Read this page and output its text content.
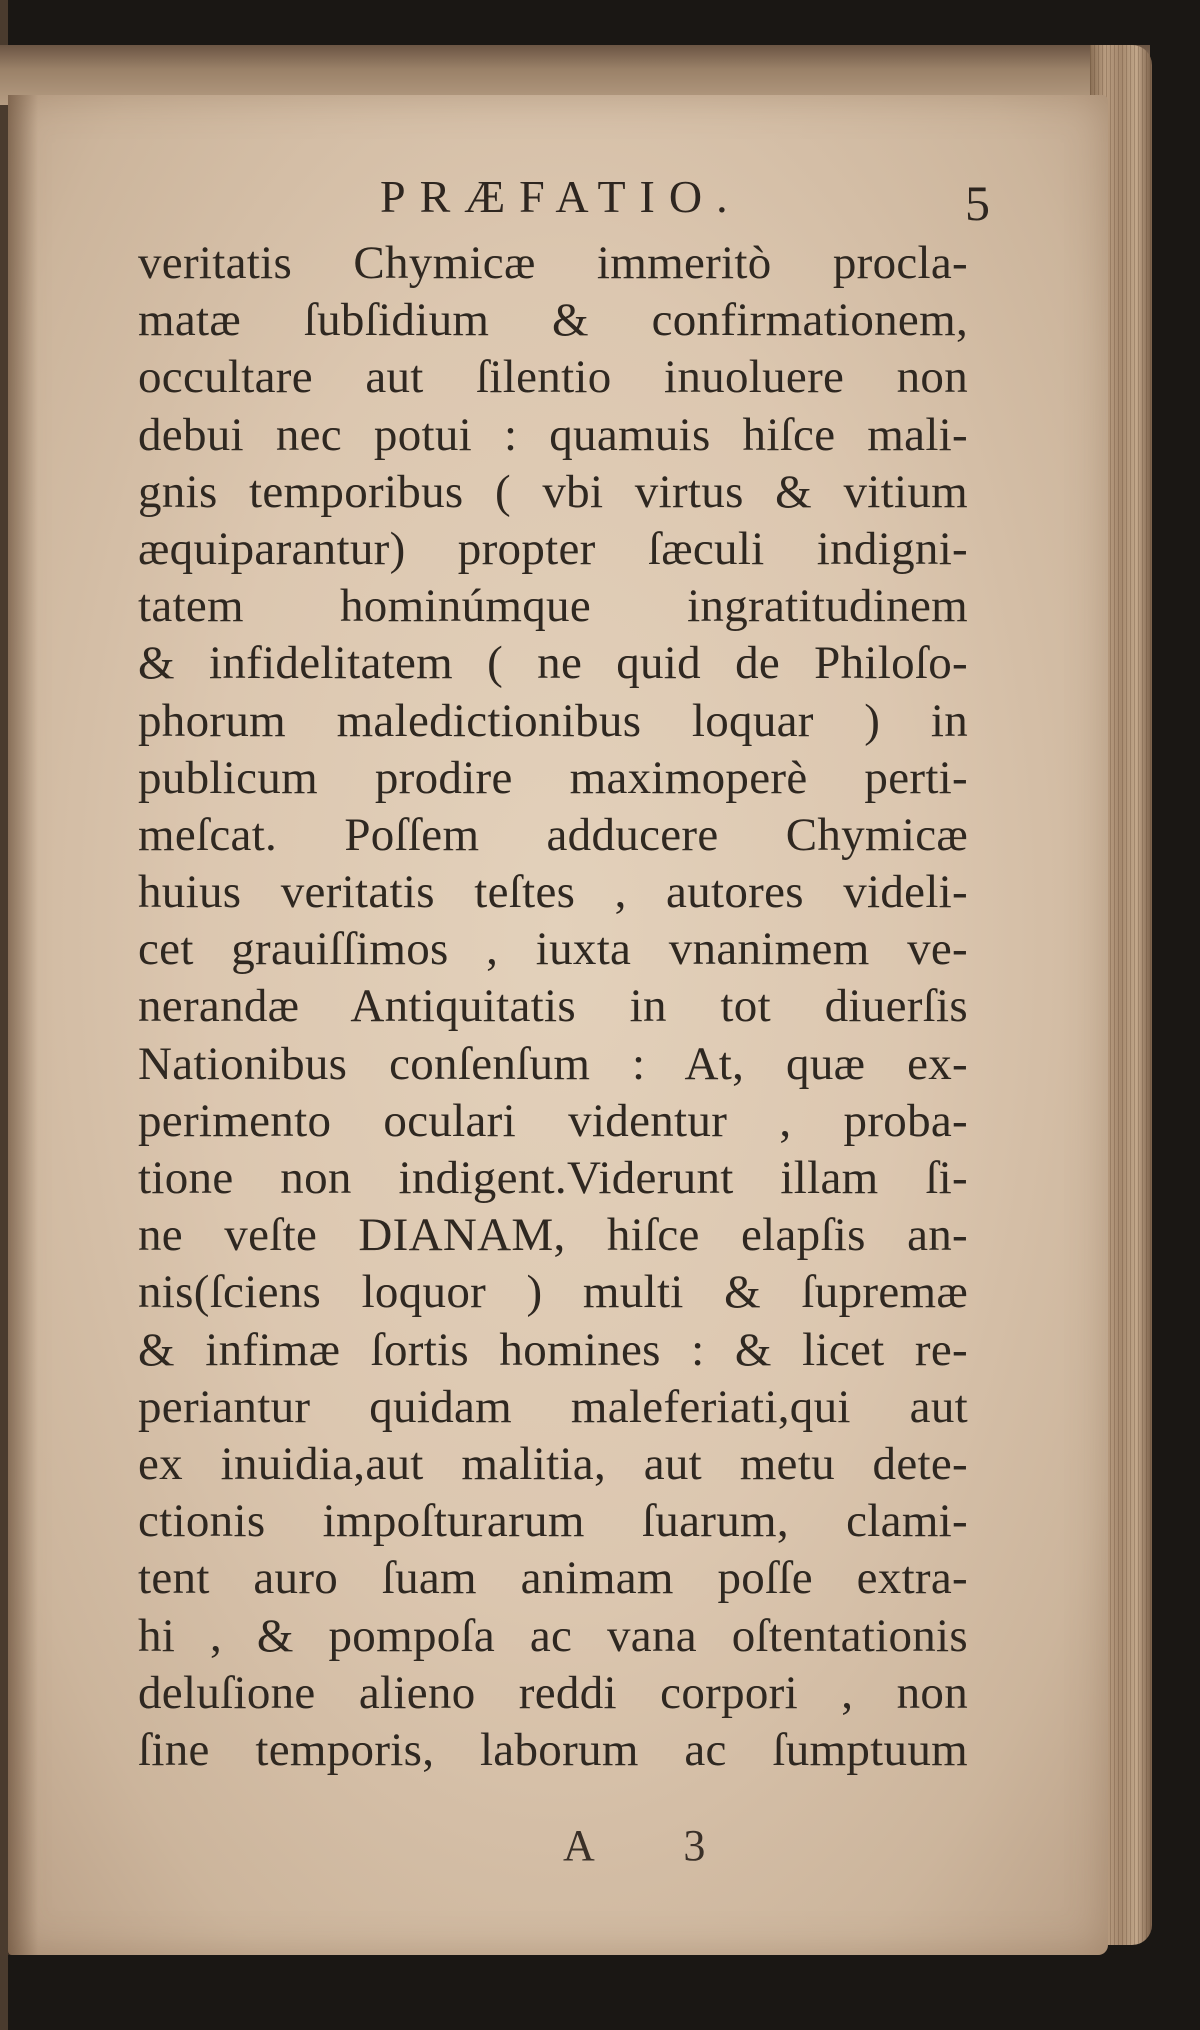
PRÆFATIO.	5
veritatis Chymicæ immeritò procla-
matæ ſubſidium & confirmationem,
occultare aut ſilentio inuoluere non
debui nec potui : quamuis hiſce mali-
gnis temporibus ( vbi virtus & vitium
æquiparantur) propter ſæculi indigni-
tatem hominúmque ingratitudinem
& infidelitatem ( ne quid de Philoſo-
phorum maledictionibus loquar ) in
publicum prodire maximoperè perti-
meſcat. Poſſem adducere Chymicæ
huius veritatis teſtes , autores videli-
cet grauiſſimos , iuxta vnanimem ve-
nerandæ Antiquitatis in tot diuerſis
Nationibus conſenſum : At, quæ ex-
perimento oculari videntur , proba-
tione non indigent.Viderunt illam ſi-
ne veſte DIANAM, hiſce elapſis an-
nis(ſciens loquor ) multi & ſupremæ
& infimæ ſortis homines : & licet re-
periantur quidam maleferiati,qui aut
ex inuidia,aut malitia, aut metu dete-
ctionis impoſturarum ſuarum, clami-
tent auro ſuam animam poſſe extra-
hi , & pompoſa ac vana oſtentationis
deluſione alieno reddi corpori , non
ſine temporis, laborum ac ſumptuum
A 3
